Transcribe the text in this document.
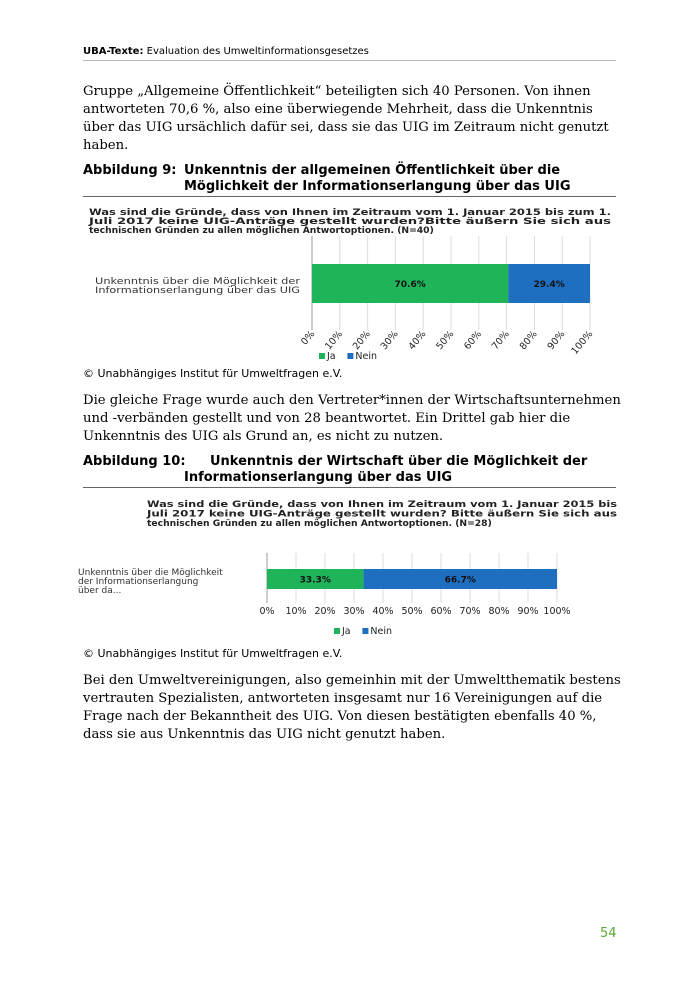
UBA-Texte: Evaluation des Umweltinformationsgesetzes

Gruppe „Allgemeine Öffentlichkeit“ beteiligten sich 40 Personen. Von ihnen antworteten 70,6 %, also eine überwiegende Mehrheit, dass die Unkenntnis über das UIG ursächlich dafür sei, dass sie das UIG im Zeitraum nicht genutzt haben.

Abbildung 9: Unkenntnis der allgemeinen Öffentlichkeit über die Möglichkeit der Informationserlangung über das UIG
Was sind die Gründe, dass von Ihnen im Zeitraum vom 1. Januar 2015 bis zum 1.
Juli 2017 keine UIG-Anträge gestellt wurden?Bitte äußern Sie sich aus
technischen Gründen zu allen möglichen Antwortoptionen. (N=40)
Unkenntnis über die Möglichkeit der
Informationserlangung über das UIG
70.6%	29.4%
0% 10% 20% 30% 40% 50% 60% 70% 80% 90% 100%
Ja Nein
© Unabhängiges Institut für Umweltfragen e.V.

Die gleiche Frage wurde auch den Vertreter*innen der Wirtschaftsunternehmen und -verbänden gestellt und von 28 beantwortet. Ein Drittel gab hier die Unkenntnis des UIG als Grund an, es nicht zu nutzen.

Abbildung 10:	Unkenntnis der Wirtschaft über die Möglichkeit der Informationserlangung über das UIG
Was sind die Gründe, dass von Ihnen im Zeitraum vom 1. Januar 2015 bis
Juli 2017 keine UIG-Anträge gestellt wurden? Bitte äußern Sie sich aus
technischen Gründen zu allen möglichen Antwortoptionen. (N=28)
Unkenntnis über die Möglichkeit
der Informationserlangung
über da...
33.3%	66.7%
0% 10% 20% 30% 40% 50% 60% 70% 80% 90% 100%
Ja Nein
© Unabhängiges Institut für Umweltfragen e.V.

Bei den Umweltvereinigungen, also gemeinhin mit der Umweltthematik bestens vertrauten Spezialisten, antworteten insgesamt nur 16 Vereinigungen auf die Frage nach der Bekanntheit des UIG. Von diesen bestätigten ebenfalls 40 %, dass sie aus Unkenntnis das UIG nicht genutzt haben.

54
